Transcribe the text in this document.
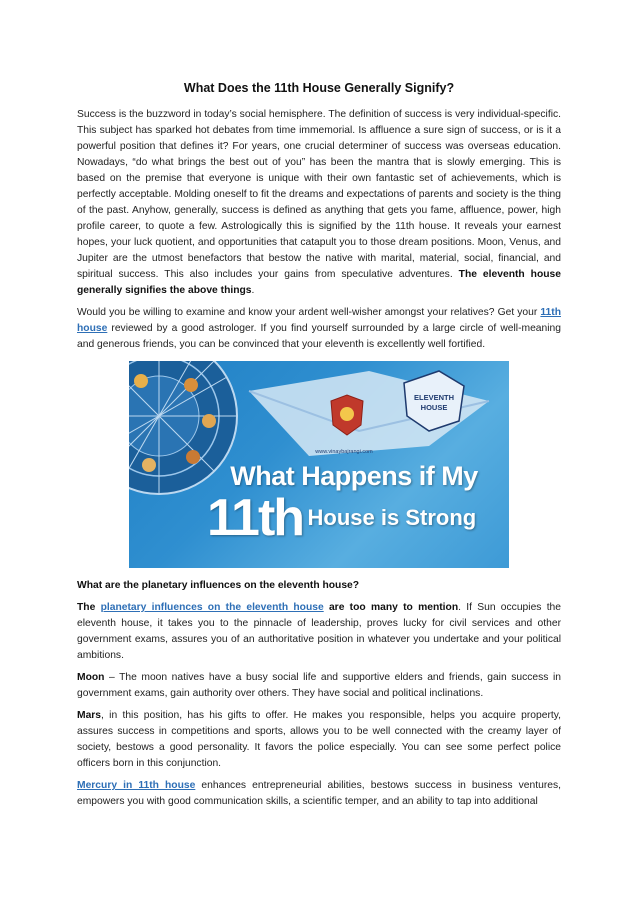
What Does the 11th House Generally Signify?

Success is the buzzword in today’s social hemisphere. The definition of success is very individual-specific. This subject has sparked hot debates from time immemorial. Is affluence a sure sign of success, or is it a powerful position that defines it? For years, one crucial determiner of success was overseas education. Nowadays, “do what brings the best out of you” has been the mantra that is slowly emerging. This is based on the premise that everyone is unique with their own fantastic set of achievements, which is perfectly acceptable. Molding oneself to fit the dreams and expectations of parents and society is the thing of the past. Anyhow, generally, success is defined as anything that gets you fame, affluence, power, high profile career, to quote a few. Astrologically this is signified by the 11th house. It reveals your earnest hopes, your luck quotient, and opportunities that catapult you to those dream positions. Moon, Venus, and Jupiter are the utmost benefactors that bestow the native with marital, material, social, financial, and spiritual success. This also includes your gains from speculative adventures. The eleventh house generally signifies the above things.

Would you be willing to examine and know your ardent well-wisher amongst your relatives? Get your 11th house reviewed by a good astrologer. If you find yourself surrounded by a large circle of well-meaning and generous friends, you can be convinced that your eleventh is excellently well fortified.

ELEVENTH
HOUSE
www.vinaybajrangi.com
What Happens if My
11th House is Strong

What are the planetary influences on the eleventh house?

The planetary influences on the eleventh house are too many to mention. If Sun occupies the eleventh house, it takes you to the pinnacle of leadership, proves lucky for civil services and other government exams, assures you of an authoritative position in whatever you undertake and your political ambitions.

Moon – The moon natives have a busy social life and supportive elders and friends, gain success in government exams, gain authority over others. They have social and political inclinations.

Mars, in this position, has his gifts to offer. He makes you responsible, helps you acquire property, assures success in competitions and sports, allows you to be well connected with the creamy layer of society, bestows a good personality. It favors the police especially. You can see some perfect police officers born in this conjunction.

Mercury in 11th house enhances entrepreneurial abilities, bestows success in business ventures, empowers you with good communication skills, a scientific temper, and an ability to tap into additional
